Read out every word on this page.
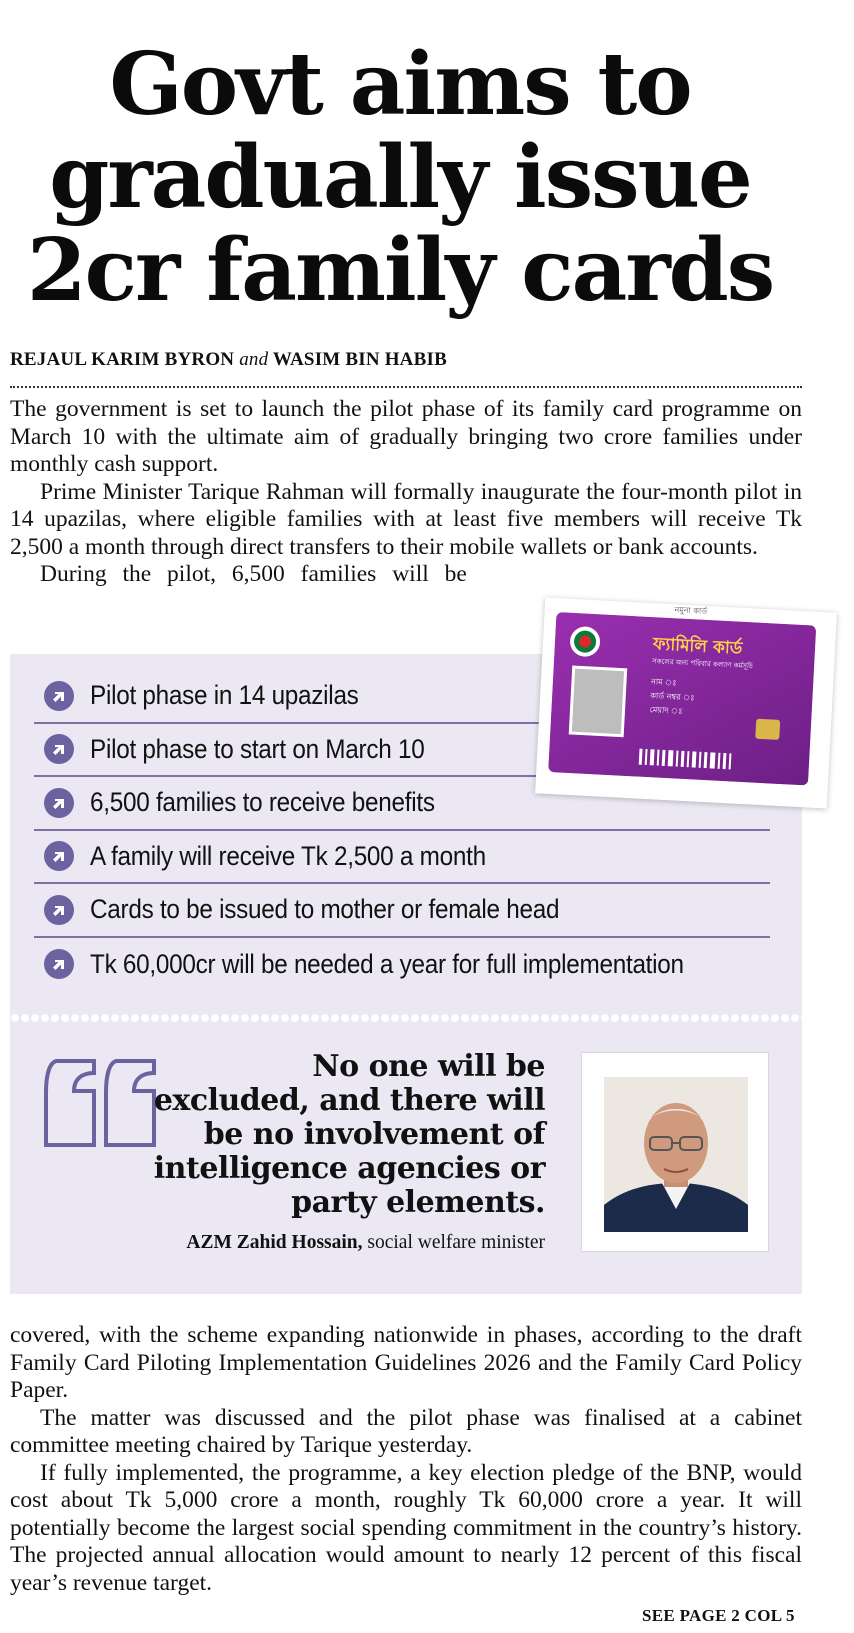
Govt aims to
gradually issue
2cr family cards
REJAUL KARIM BYRON and WASIM BIN HABIB

The government is set to launch the pilot phase of its family card programme on March 10 with the ultimate aim of gradually bringing two crore families under monthly cash support.

Prime Minister Tarique Rahman will formally inaugurate the four-month pilot in 14 upazilas, where eligible families with at least five members will receive Tk 2,500 a month through direct transfers to their mobile wallets or bank accounts.

During the pilot, 6,500 families will be

Pilot phase in 14 upazilas
Pilot phase to start on March 10
6,500 families to receive benefits
A family will receive Tk 2,500 a month
Cards to be issued to mother or female head
Tk 60,000cr will be needed a year for full implementation
নমুনা কার্ড
ফ্যামিলি কার্ড
সকলের জন্য পরিবার কল্যাণ কর্মসূচি
নাম ঃ
কার্ড নম্বর ঃ
মেয়াদ ঃ
No one will be excluded, and there will be no involvement of intelligence agencies or party elements.
AZM Zahid Hossain, social welfare minister

covered, with the scheme expanding nationwide in phases, according to the draft Family Card Piloting Implementation Guidelines 2026 and the Family Card Policy Paper.

The matter was discussed and the pilot phase was finalised at a cabinet committee meeting chaired by Tarique yesterday.

If fully implemented, the programme, a key election pledge of the BNP, would cost about Tk 5,000 crore a month, roughly Tk 60,000 crore a year. It will potentially become the largest social spending commitment in the country’s history. The projected annual allocation would amount to nearly 12 percent of this fiscal year’s revenue target.

SEE PAGE 2 COL 5
